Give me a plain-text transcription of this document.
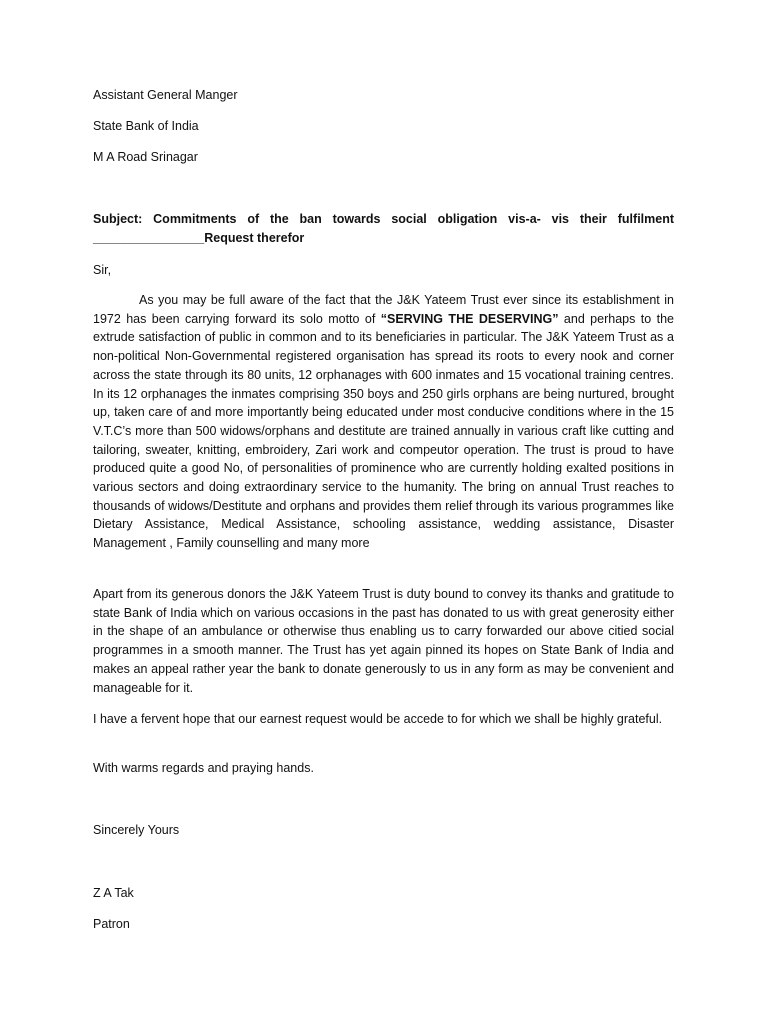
Assistant General Manger
State Bank of India
M A Road Srinagar
Subject: Commitments of the ban towards social obligation vis-a- vis their fulfilment ________________Request therefor
Sir,

As you may be full aware of the fact that the J&K Yateem Trust ever since its establishment in 1972 has been carrying forward its solo motto of “SERVING THE DESERVING” and perhaps to the extrude satisfaction of public in common and to its beneficiaries in particular. The J&K Yateem Trust as a non-political Non-Governmental registered organisation has spread its roots to every nook and corner across the state through its 80 units, 12 orphanages with 600 inmates and 15 vocational training centres. In its 12 orphanages the inmates comprising 350 boys and 250 girls orphans are being nurtured, brought up, taken care of and more importantly being educated under most conducive conditions where in the 15 V.T.C’s more than 500 widows/orphans and destitute are trained annually in various craft like cutting and tailoring, sweater, knitting, embroidery, Zari work and compeutor operation. The trust is proud to have produced quite a good No, of personalities of prominence who are currently holding exalted positions in various sectors and doing extraordinary service to the humanity. The bring on annual Trust reaches to thousands of widows/Destitute and orphans and provides them relief through its various programmes like Dietary Assistance, Medical Assistance, schooling assistance, wedding assistance, Disaster Management , Family counselling and many more

Apart from its generous donors the J&K Yateem Trust is duty bound to convey its thanks and gratitude to state Bank of India which on various occasions in the past has donated to us with great generosity either in the shape of an ambulance or otherwise thus enabling us to carry forwarded our above citied social programmes in a smooth manner. The Trust has yet again pinned its hopes on State Bank of India and makes an appeal rather year the bank to donate generously to us in any form as may be convenient and manageable for it.

I have a fervent hope that our earnest request would be accede to for which we shall be highly grateful.

With warms regards and praying hands.
Sincerely Yours
Z A Tak
Patron
